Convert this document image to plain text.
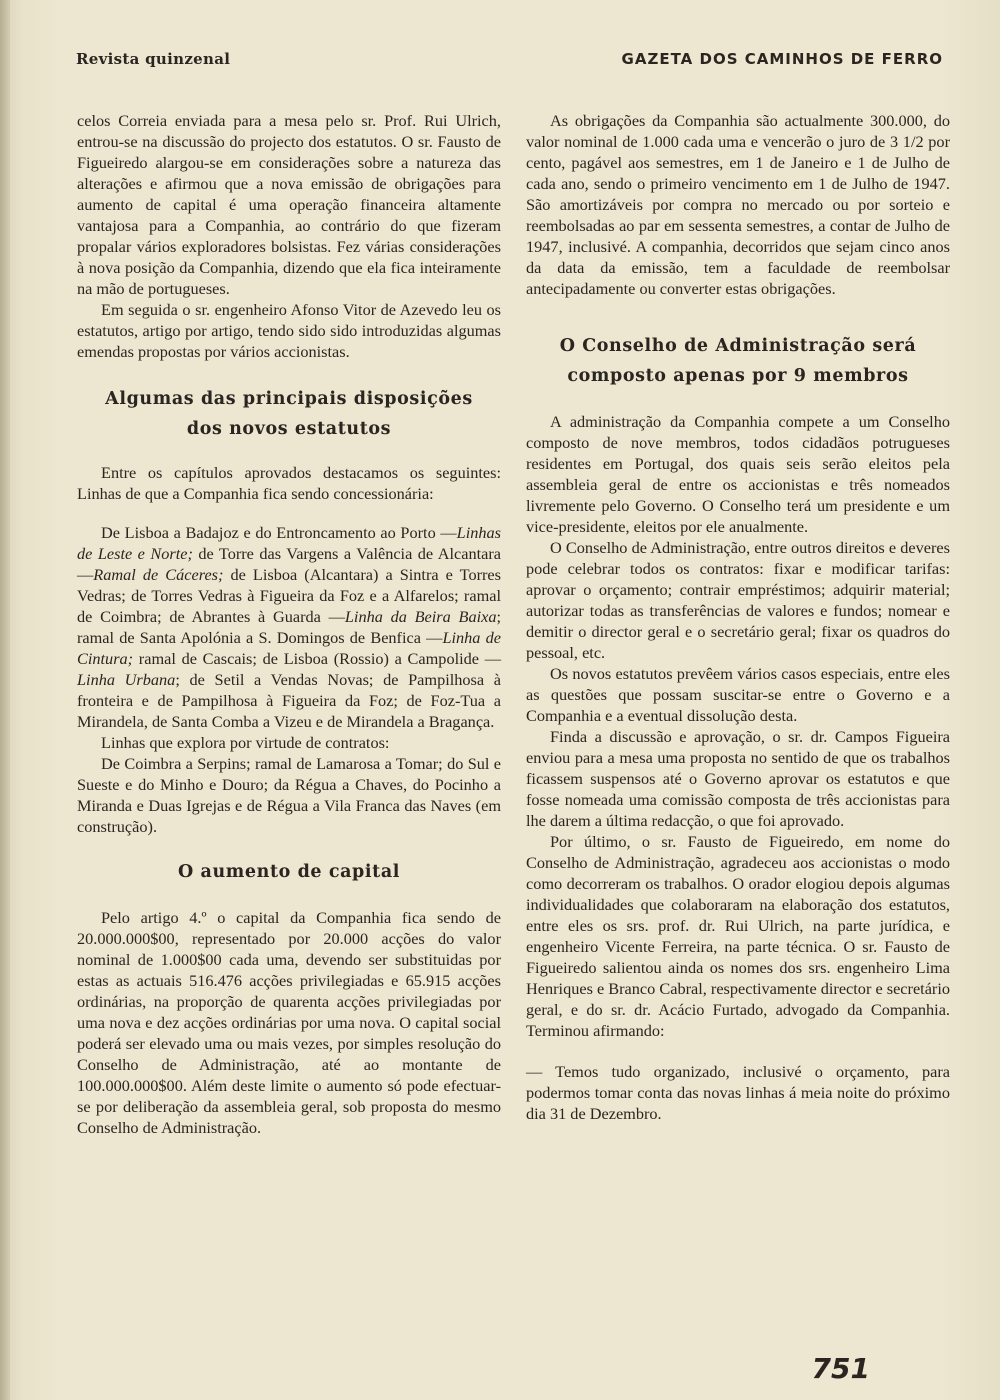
Revista quinzenal	GAZETA DOS CAMINHOS DE FERRO

celos Correia enviada para a mesa pelo sr. Prof. Rui Ulrich, entrou-se na discussão do projecto dos estatutos. O sr. Fausto de Figueiredo alargou-se em considerações sobre a natureza das alterações e afirmou que a nova emissão de obrigações para aumento de capital é uma operação financeira altamente vantajosa para a Companhia, ao contrário do que fizeram propalar vários exploradores bolsistas. Fez várias considerações à nova posição da Companhia, dizendo que ela fica inteiramente na mão de portugueses.

Em seguida o sr. engenheiro Afonso Vitor de Azevedo leu os estatutos, artigo por artigo, tendo sido sido introduzidas algumas emendas propostas por vários accionistas.

Algumas das principais disposições
dos novos estatutos

Entre os capítulos aprovados destacamos os seguintes: Linhas de que a Companhia fica sendo concessionária:

De Lisboa a Badajoz e do Entroncamento ao Porto —Linhas de Leste e Norte; de Torre das Vargens a Valência de Alcantara —Ramal de Cáceres; de Lisboa (Alcantara) a Sintra e Torres Vedras; de Torres Vedras à Figueira da Foz e a Alfarelos; ramal de Coimbra; de Abrantes à Guarda —Linha da Beira Baixa; ramal de Santa Apolónia a S. Domingos de Benfica —Linha de Cintura; ramal de Cascais; de Lisboa (Rossio) a Campolide —Linha Urbana; de Setil a Vendas Novas; de Pampilhosa à fronteira e de Pampilhosa à Figueira da Foz; de Foz-Tua a Mirandela, de Santa Comba a Vizeu e de Mirandela a Bragança.

Linhas que explora por virtude de contratos:

De Coimbra a Serpins; ramal de Lamarosa a Tomar; do Sul e Sueste e do Minho e Douro; da Régua a Chaves, do Pocinho a Miranda e Duas Igrejas e de Régua a Vila Franca das Naves (em construção).

O aumento de capital

Pelo artigo 4.º o capital da Companhia fica sendo de 20.000.000$00, representado por 20.000 acções do valor nominal de 1.000$00 cada uma, devendo ser substituidas por estas as actuais 516.476 acções privilegiadas e 65.915 acções ordinárias, na proporção de quarenta acções privilegiadas por uma nova e dez acções ordinárias por uma nova. O capital social poderá ser elevado uma ou mais vezes, por simples resolução do Conselho de Administração, até ao montante de 100.000.000$00. Além deste limite o aumento só pode efectuar-se por deliberação da assembleia geral, sob proposta do mesmo Conselho de Administração.

As obrigações da Companhia são actualmente 300.000, do valor nominal de 1.000 cada uma e vencerão o juro de 3 1/2 por cento, pagável aos semestres, em 1 de Janeiro e 1 de Julho de cada ano, sendo o primeiro vencimento em 1 de Julho de 1947. São amortizáveis por compra no mercado ou por sorteio e reembolsadas ao par em sessenta semestres, a contar de Julho de 1947, inclusivé. A companhia, decorridos que sejam cinco anos da data da emissão, tem a faculdade de reembolsar antecipadamente ou converter estas obrigações.

O Conselho de Administração será
composto apenas por 9 membros

A administração da Companhia compete a um Conselho composto de nove membros, todos cidadãos potrugueses residentes em Portugal, dos quais seis serão eleitos pela assembleia geral de entre os accionistas e três nomeados livremente pelo Governo. O Conselho terá um presidente e um vice-presidente, eleitos por ele anualmente.

O Conselho de Administração, entre outros direitos e deveres pode celebrar todos os contratos: fixar e modificar tarifas: aprovar o orçamento; contrair empréstimos; adquirir material; autorizar todas as transferências de valores e fundos; nomear e demitir o director geral e o secretário geral; fixar os quadros do pessoal, etc.

Os novos estatutos prevêem vários casos especiais, entre eles as questões que possam suscitar-se entre o Governo e a Companhia e a eventual dissolução desta.

Finda a discussão e aprovação, o sr. dr. Campos Figueira enviou para a mesa uma proposta no sentido de que os trabalhos ficassem suspensos até o Governo aprovar os estatutos e que fosse nomeada uma comissão composta de três accionistas para lhe darem a última redacção, o que foi aprovado.

Por último, o sr. Fausto de Figueiredo, em nome do Conselho de Administração, agradeceu aos accionistas o modo como decorreram os trabalhos. O orador elogiou depois algumas individualidades que colaboraram na elaboração dos estatutos, entre eles os srs. prof. dr. Rui Ulrich, na parte jurídica, e engenheiro Vicente Ferreira, na parte técnica. O sr. Fausto de Figueiredo salientou ainda os nomes dos srs. engenheiro Lima Henriques e Branco Cabral, respectivamente director e secretário geral, e do sr. dr. Acácio Furtado, advogado da Companhia. Terminou afirmando:

— Temos tudo organizado, inclusivé o orçamento, para podermos tomar conta das novas linhas á meia noite do próximo dia 31 de Dezembro.

751
